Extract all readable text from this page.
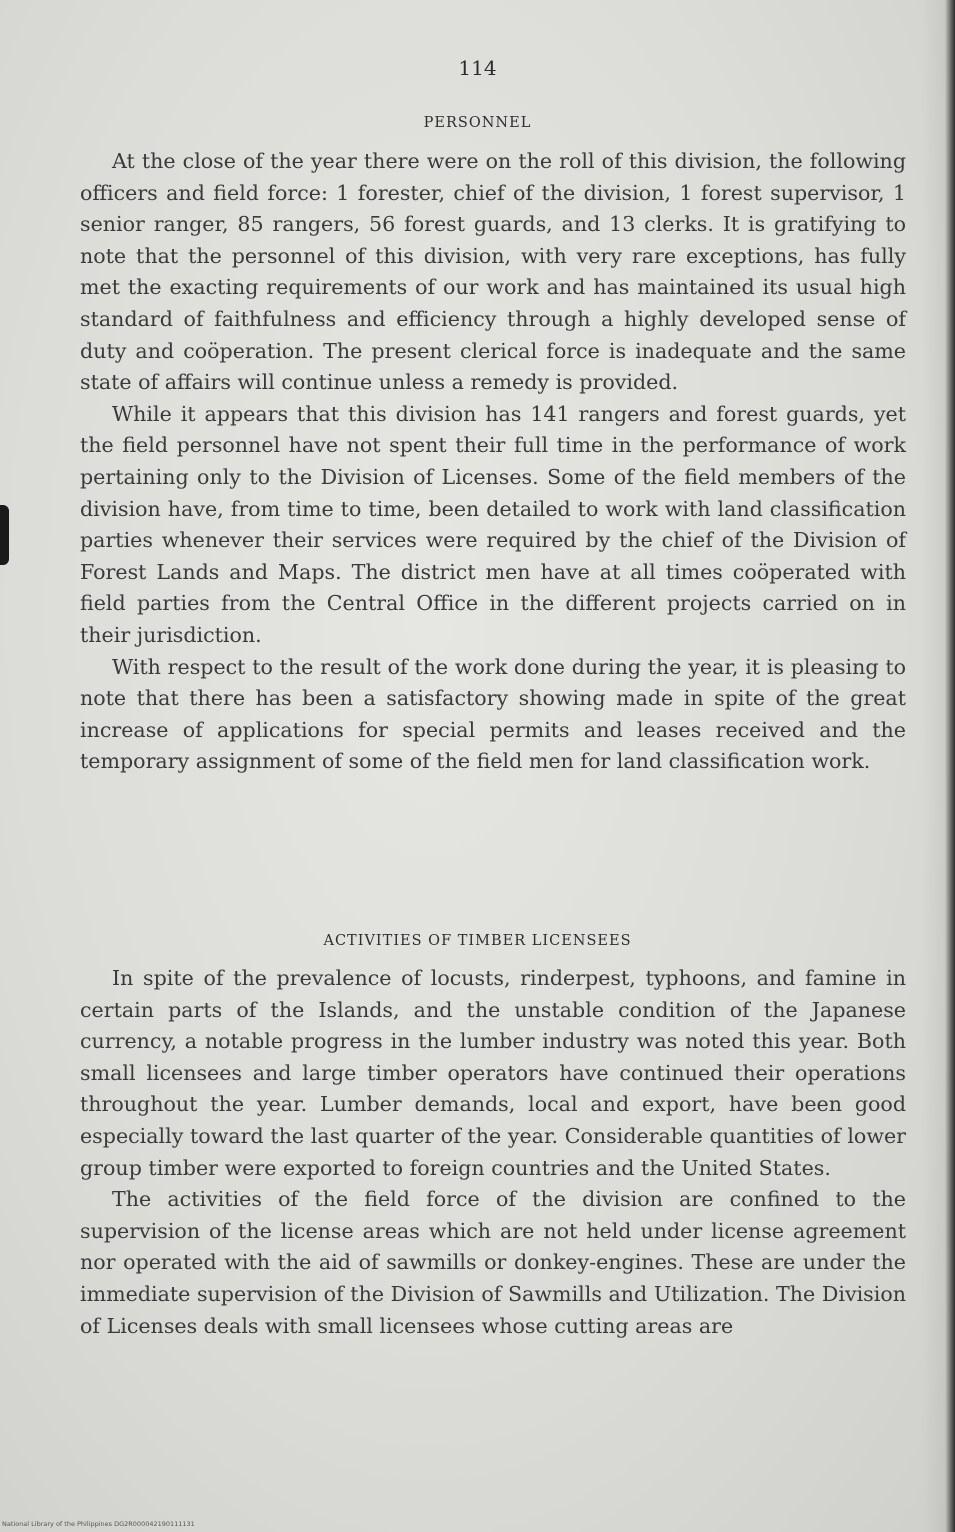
114
PERSONNEL

At the close of the year there were on the roll of this division, the following officers and field force: 1 forester, chief of the division, 1 forest supervisor, 1 senior ranger, 85 rangers, 56 forest guards, and 13 clerks. It is gratifying to note that the personnel of this division, with very rare exceptions, has fully met the exacting requirements of our work and has maintained its usual high standard of faithfulness and efficiency through a highly developed sense of duty and coöperation. The present clerical force is inadequate and the same state of affairs will continue unless a remedy is provided.

While it appears that this division has 141 rangers and forest guards, yet the field personnel have not spent their full time in the performance of work pertaining only to the Division of Licenses. Some of the field members of the division have, from time to time, been detailed to work with land classification parties whenever their services were required by the chief of the Division of Forest Lands and Maps. The district men have at all times coöperated with field parties from the Central Office in the different projects carried on in their jurisdiction.

With respect to the result of the work done during the year, it is pleasing to note that there has been a satisfactory showing made in spite of the great increase of applications for special permits and leases received and the temporary assignment of some of the field men for land classification work.

ACTIVITIES OF TIMBER LICENSEES

In spite of the prevalence of locusts, rinderpest, typhoons, and famine in certain parts of the Islands, and the unstable condition of the Japanese currency, a notable progress in the lumber industry was noted this year. Both small licensees and large timber operators have continued their operations throughout the year. Lumber demands, local and export, have been good especially toward the last quarter of the year. Considerable quantities of lower group timber were exported to foreign countries and the United States.

The activities of the field force of the division are confined to the supervision of the license areas which are not held under license agreement nor operated with the aid of sawmills or donkey-engines. These are under the immediate supervision of the Division of Sawmills and Utilization. The Division of Licenses deals with small licensees whose cutting areas are

National Library of the Philippines DG2R000042190111131
